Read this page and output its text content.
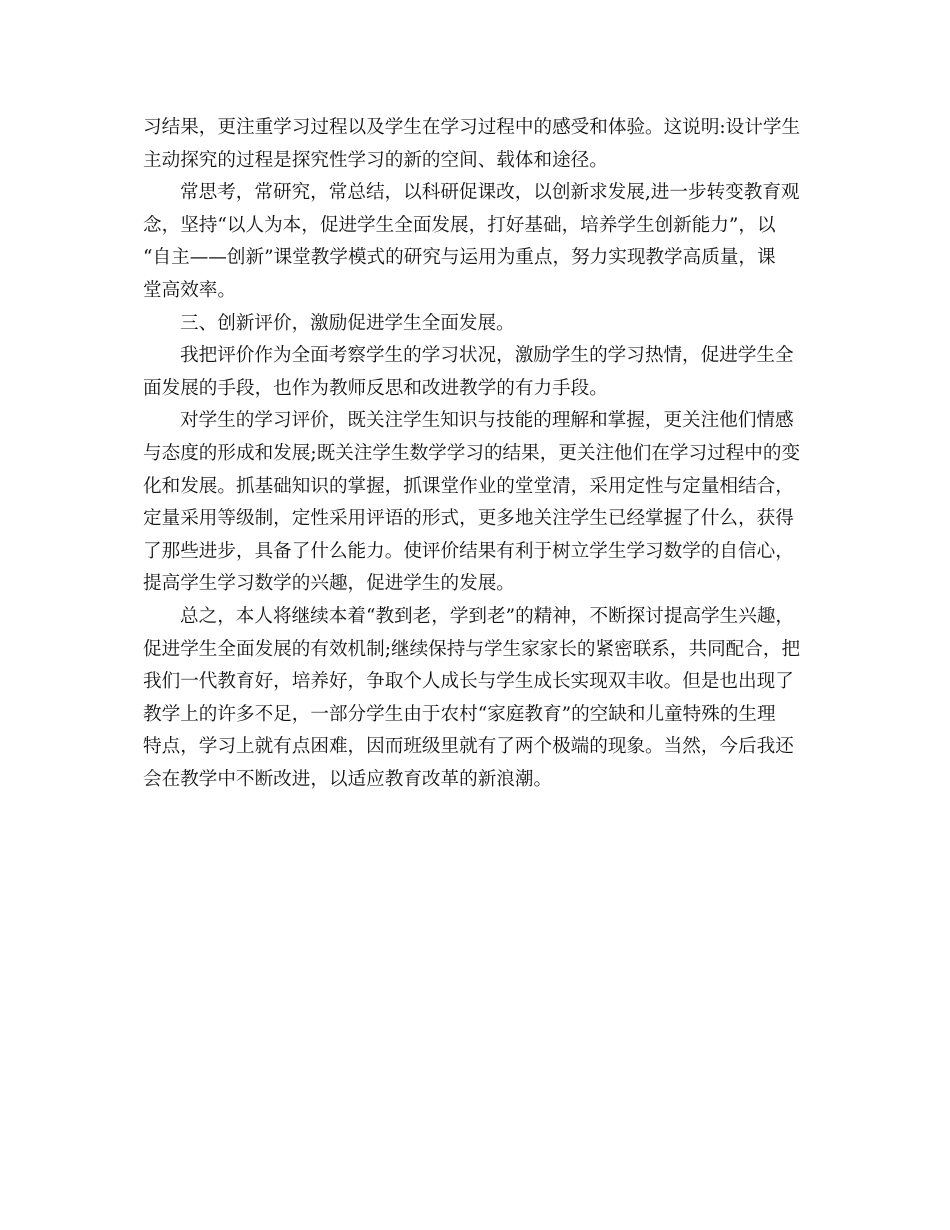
习结果，更注重学习过程以及学生在学习过程中的感受和体验。这说明:设计学生
主动探究的过程是探究性学习的新的空间、载体和途径。
常思考，常研究，常总结，以科研促课改，以创新求发展,进一步转变教育观
念，坚持“以人为本，促进学生全面发展，打好基础，培养学生创新能力”，以
“自主——创新”课堂教学模式的研究与运用为重点，努力实现教学高质量，课
堂高效率。
三、创新评价，激励促进学生全面发展。
我把评价作为全面考察学生的学习状况，激励学生的学习热情，促进学生全
面发展的手段，也作为教师反思和改进教学的有力手段。
对学生的学习评价，既关注学生知识与技能的理解和掌握，更关注他们情感
与态度的形成和发展;既关注学生数学学习的结果，更关注他们在学习过程中的变
化和发展。抓基础知识的掌握，抓课堂作业的堂堂清，采用定性与定量相结合，
定量采用等级制，定性采用评语的形式，更多地关注学生已经掌握了什么，获得
了那些进步，具备了什么能力。使评价结果有利于树立学生学习数学的自信心，
提高学生学习数学的兴趣，促进学生的发展。
总之，本人将继续本着“教到老，学到老”的精神，不断探讨提高学生兴趣，
促进学生全面发展的有效机制;继续保持与学生家家长的紧密联系，共同配合，把
我们一代教育好，培养好，争取个人成长与学生成长实现双丰收。但是也出现了
教学上的许多不足，一部分学生由于农村“家庭教育”的空缺和儿童特殊的生理
特点，学习上就有点困难，因而班级里就有了两个极端的现象。当然，今后我还
会在教学中不断改进，以适应教育改革的新浪潮。
